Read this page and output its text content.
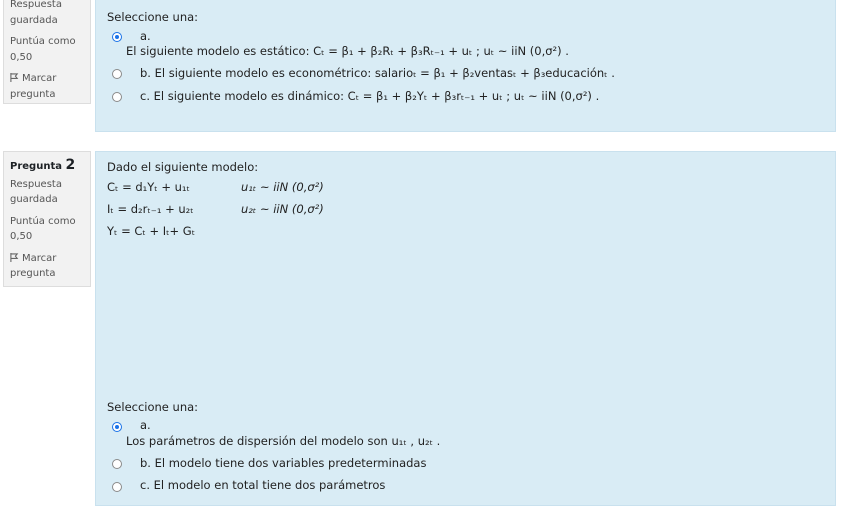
Respuesta
guardada
Puntúa como
0,50
Marcar
pregunta
Seleccione una:
a.
El siguiente modelo es estático: Cₜ = β₁ + β₂Rₜ + β₃Rₜ₋₁ + uₜ ; uₜ ~ iiN (0,σ²) .
b. El siguiente modelo es econométrico: salarioₜ = β₁ + β₂ventasₜ + β₃educaciónₜ .
c. El siguiente modelo es dinámico: Cₜ = β₁ + β₂Yₜ + β₃rₜ₋₁ + uₜ ; uₜ ~ iiN (0,σ²) .
Pregunta 2
Respuesta
guardada
Puntúa como
0,50
Marcar
pregunta
Dado el siguiente modelo:
Cₜ = d₁Yₜ + u₁ₜ	u₁ₜ ~ iiN (0,σ²)
Iₜ = d₂rₜ₋₁ + u₂ₜ	u₂ₜ ~ iiN (0,σ²)
Yₜ = Cₜ + Iₜ+ Gₜ
Seleccione una:
a.
Los parámetros de dispersión del modelo son u₁ₜ , u₂ₜ .
b. El modelo tiene dos variables predeterminadas
c. El modelo en total tiene dos parámetros
